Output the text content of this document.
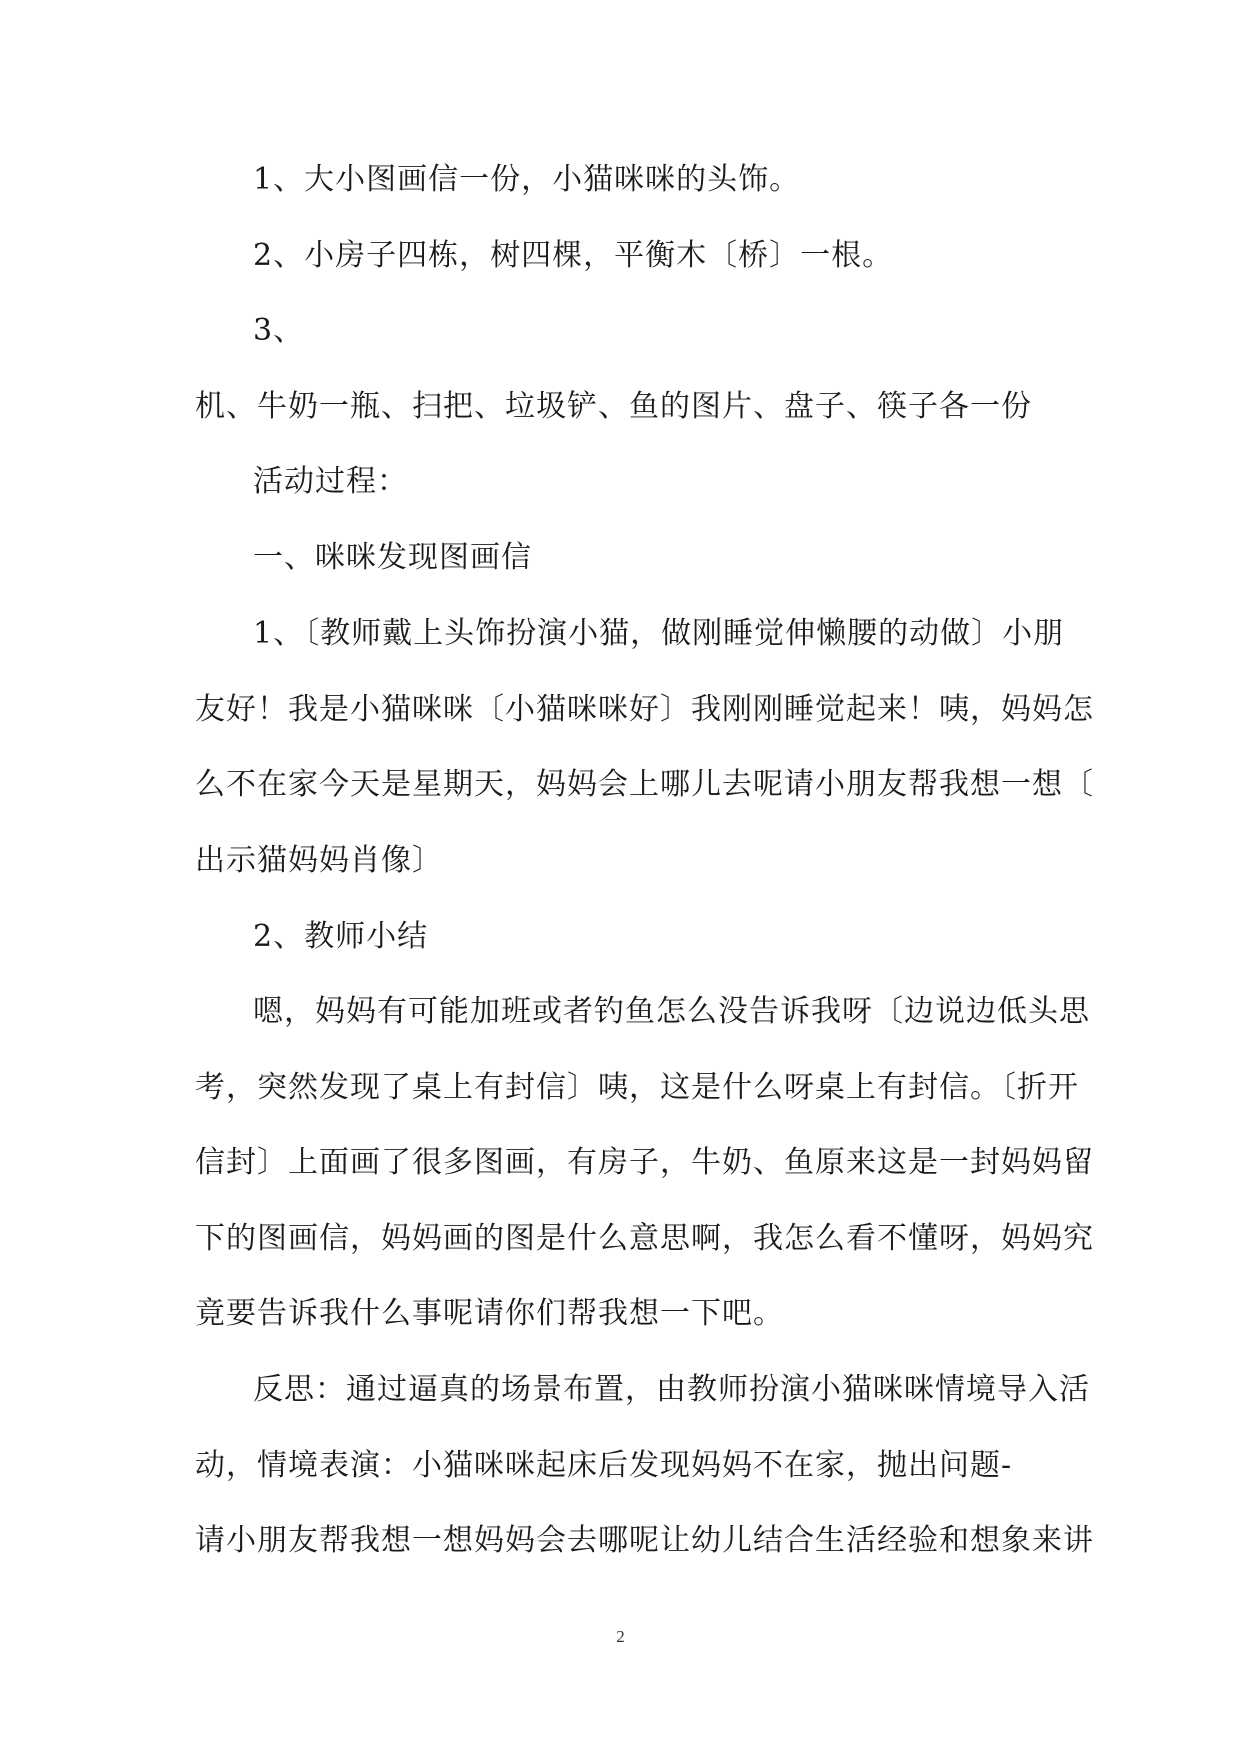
1、大小图画信一份，小猫咪咪的头饰。
2、小房子四栋，树四棵，平衡木〔桥〕一根。
3、
机、牛奶一瓶、扫把、垃圾铲、鱼的图片、盘子、筷子各一份
活动过程：
一、咪咪发现图画信
1、〔教师戴上头饰扮演小猫，做刚睡觉伸懒腰的动做〕小朋
友好！我是小猫咪咪〔小猫咪咪好〕我刚刚睡觉起来！咦，妈妈怎
么不在家今天是星期天，妈妈会上哪儿去呢请小朋友帮我想一想〔
出示猫妈妈肖像〕
2、教师小结
嗯，妈妈有可能加班或者钓鱼怎么没告诉我呀〔边说边低头思
考，突然发现了桌上有封信〕咦，这是什么呀桌上有封信。〔折开
信封〕上面画了很多图画，有房子，牛奶、鱼原来这是一封妈妈留
下的图画信，妈妈画的图是什么意思啊，我怎么看不懂呀，妈妈究
竟要告诉我什么事呢请你们帮我想一下吧。
反思：通过逼真的场景布置，由教师扮演小猫咪咪情境导入活
动，情境表演：小猫咪咪起床后发现妈妈不在家，抛出问题-
请小朋友帮我想一想妈妈会去哪呢让幼儿结合生活经验和想象来讲
2
